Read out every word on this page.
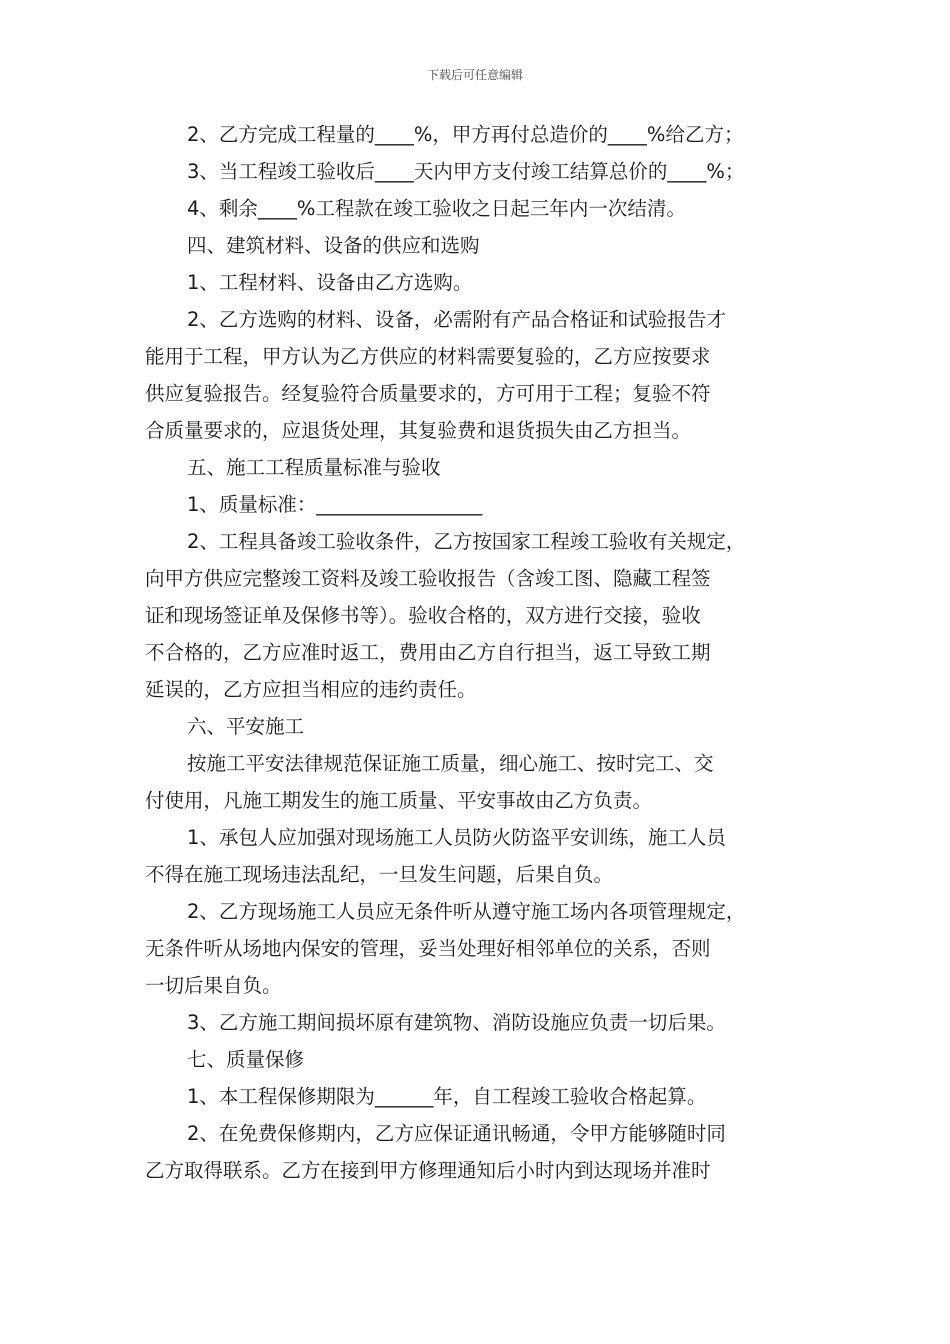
下载后可任意编辑
2、乙方完成工程量的____%，甲方再付总造价的____%给乙方；
3、当工程竣工验收后____天内甲方支付竣工结算总价的____%；
4、剩余____%工程款在竣工验收之日起三年内一次结清。
四、建筑材料、设备的供应和选购
1、工程材料、设备由乙方选购。
2、乙方选购的材料、设备，必需附有产品合格证和试验报告才
能用于工程，甲方认为乙方供应的材料需要复验的，乙方应按要求
供应复验报告。经复验符合质量要求的，方可用于工程；复验不符
合质量要求的，应退货处理，其复验费和退货损失由乙方担当。
五、施工工程质量标准与验收
1、质量标准：_________________
2、工程具备竣工验收条件，乙方按国家工程竣工验收有关规定，
向甲方供应完整竣工资料及竣工验收报告（含竣工图、隐藏工程签
证和现场签证单及保修书等）。验收合格的，双方进行交接，验收
不合格的，乙方应准时返工，费用由乙方自行担当，返工导致工期
延误的，乙方应担当相应的违约责任。
六、平安施工
按施工平安法律规范保证施工质量，细心施工、按时完工、交
付使用，凡施工期发生的施工质量、平安事故由乙方负责。
1、承包人应加强对现场施工人员防火防盗平安训练，施工人员
不得在施工现场违法乱纪，一旦发生问题，后果自负。
2、乙方现场施工人员应无条件听从遵守施工场内各项管理规定，
无条件听从场地内保安的管理，妥当处理好相邻单位的关系，否则
一切后果自负。
3、乙方施工期间损坏原有建筑物、消防设施应负责一切后果。
七、质量保修
1、本工程保修期限为______年，自工程竣工验收合格起算。
2、在免费保修期内，乙方应保证通讯畅通，令甲方能够随时同
乙方取得联系。乙方在接到甲方修理通知后小时内到达现场并准时
